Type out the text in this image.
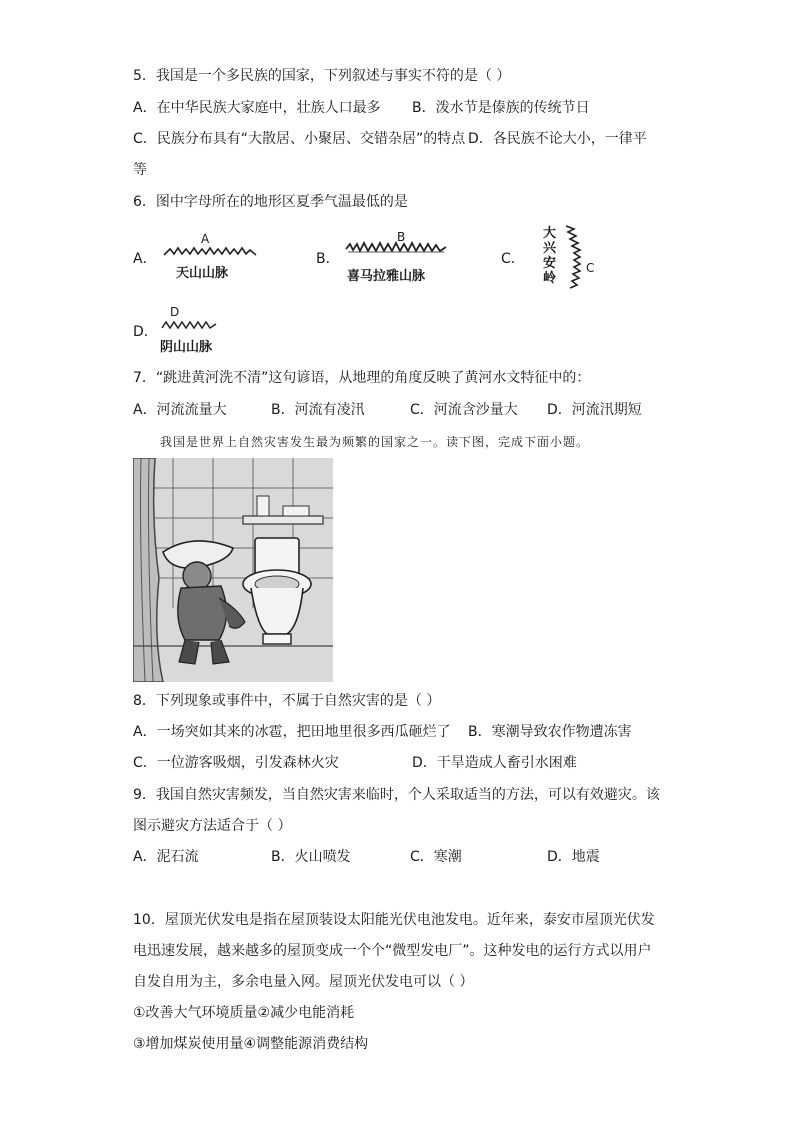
5．我国是一个多民族的国家，下列叙述与事实不符的是（ ）
A．在中华民族大家庭中，壮族人口最多 B．泼水节是傣族的传统节日
C．民族分布具有“大散居、小聚居、交错杂居”的特点 D．各民族不论大小，一律平
等
6．图中字母所在的地形区夏季气温最低的是
A．
A
天山山脉
B．
B
喜马拉雅山脉
C．
大
兴
安
岭
C
D．
D
阴山山脉
7．“跳进黄河洗不清”这句谚语，从地理的角度反映了黄河水文特征中的：
A．河流流量大	B．河流有凌汛	C．河流含沙量大 D．河流汛期短
我国是世界上自然灾害发生最为频繁的国家之一。读下图，完成下面小题。
8．下列现象或事件中，不属于自然灾害的是（ ）
A．一场突如其来的冰雹，把田地里很多西瓜砸烂了 B．寒潮导致农作物遭冻害
C．一位游客吸烟，引发森林火灾	D．干旱造成人畜引水困难
9．我国自然灾害频发，当自然灾害来临时，个人采取适当的方法，可以有效避灾。该
图示避灾方法适合于（ ）
A．泥石流	B．火山喷发	C．寒潮	D．地震
10．屋顶光伏发电是指在屋顶装设太阳能光伏电池发电。近年来，泰安市屋顶光伏发
电迅速发展，越来越多的屋顶变成一个个“微型发电厂”。这种发电的运行方式以用户
自发自用为主，多余电量入网。屋顶光伏发电可以（ ）
①改善大气环境质量②减少电能消耗
③增加煤炭使用量④调整能源消费结构
